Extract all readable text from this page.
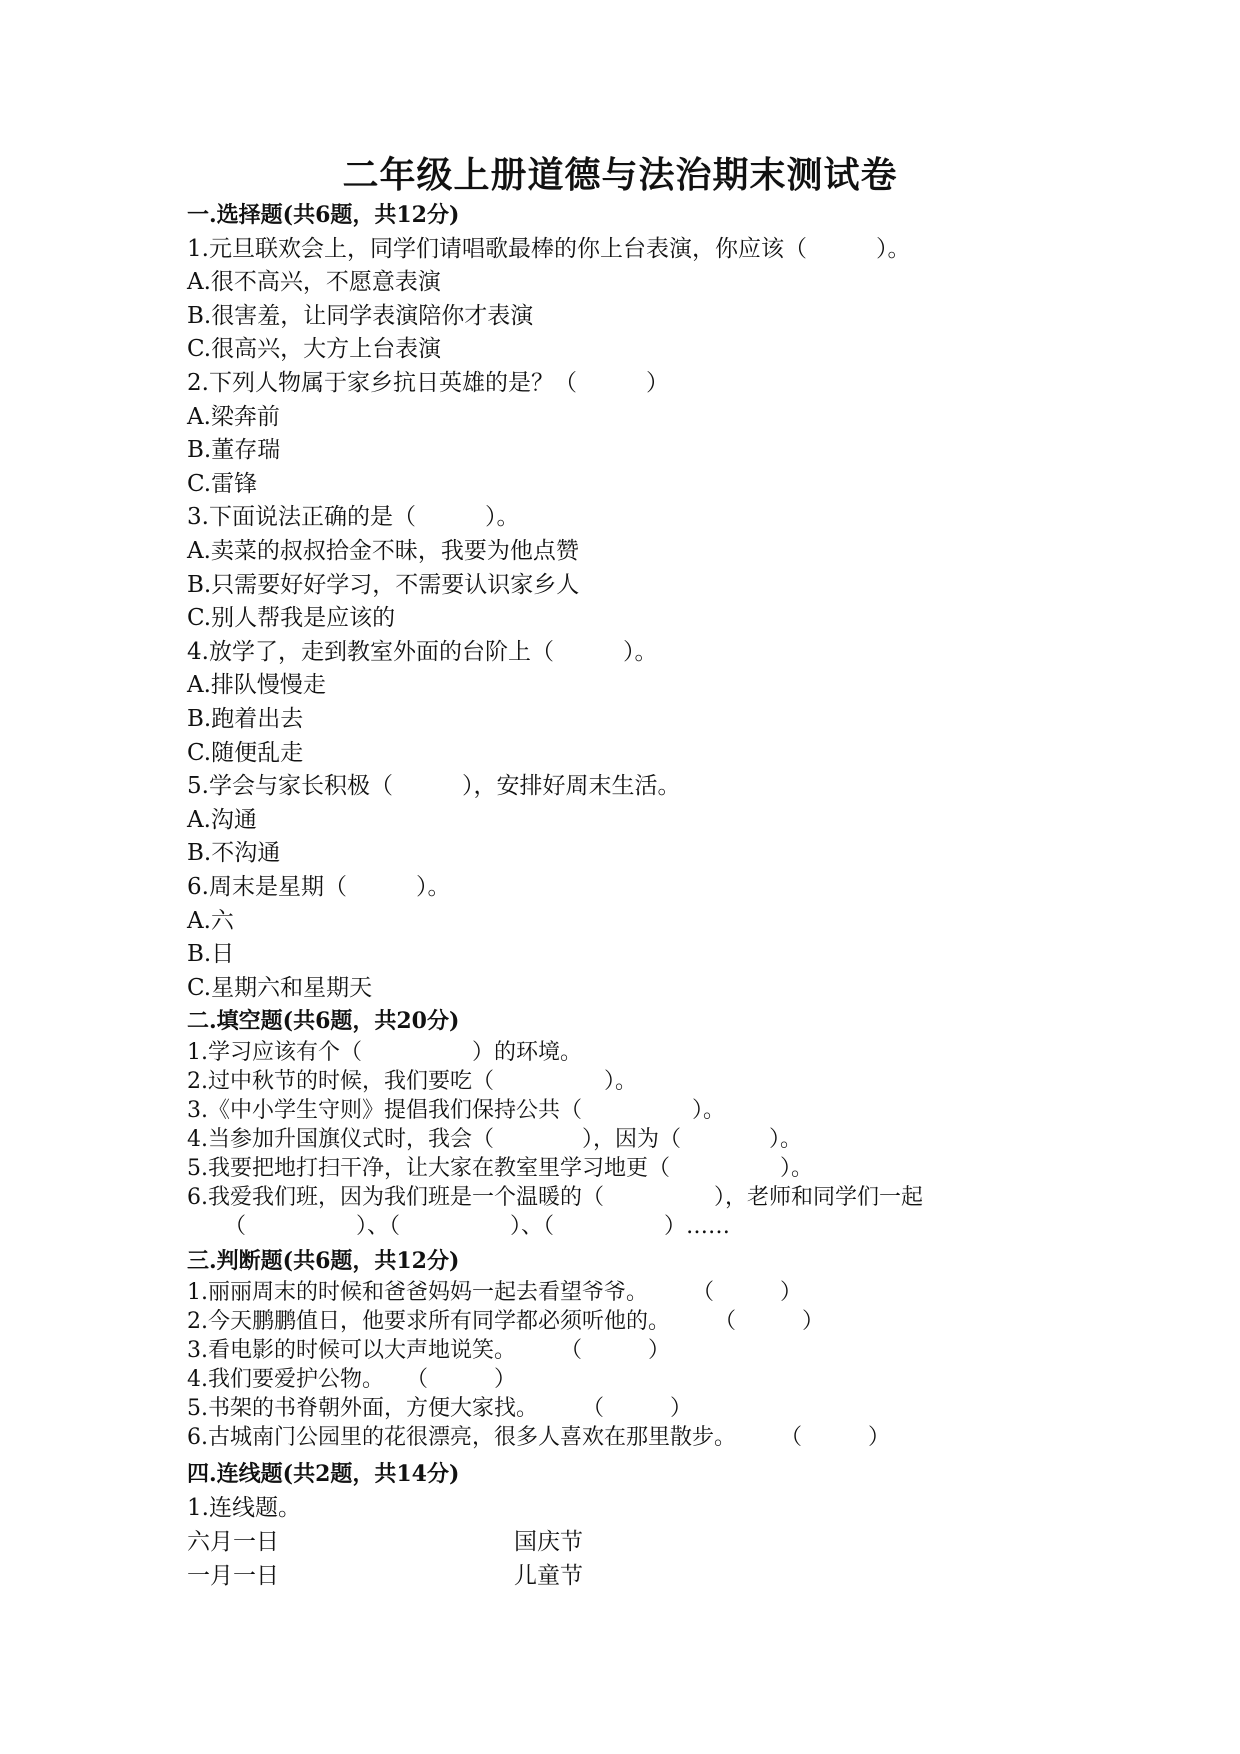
二年级上册道德与法治期末测试卷
一.选择题(共6题，共12分)
1.元旦联欢会上，同学们请唱歌最棒的你上台表演，你应该（　　　）。
A.很不高兴，不愿意表演
B.很害羞，让同学表演陪你才表演
C.很高兴，大方上台表演
2.下列人物属于家乡抗日英雄的是？（　　　）
A.梁奔前
B.董存瑞
C.雷锋
3.下面说法正确的是（　　　）。
A.卖菜的叔叔拾金不昧，我要为他点赞
B.只需要好好学习，不需要认识家乡人
C.别人帮我是应该的
4.放学了，走到教室外面的台阶上（　　　）。
A.排队慢慢走
B.跑着出去
C.随便乱走
5.学会与家长积极（　　　），安排好周末生活。
A.沟通
B.不沟通
6.周末是星期（　　　）。
A.六
B.日
C.星期六和星期天
二.填空题(共6题，共20分)
1.学习应该有个（　　　　　）的环境。
2.过中秋节的时候，我们要吃（　　　　　）。
3.《中小学生守则》提倡我们保持公共（　　　　　）。
4.当参加升国旗仪式时，我会（　　　　），因为（　　　　）。
5.我要把地打扫干净，让大家在教室里学习地更（　　　　　）。
6.我爱我们班，因为我们班是一个温暖的（　　　　　），老师和同学们一起
（　　　　　）、（　　　　　）、（　　　　　）……
三.判断题(共6题，共12分)
1.丽丽周末的时候和爸爸妈妈一起去看望爷爷。　　　（　　　）
2.今天鹏鹏值日，他要求所有同学都必须听他的。　　　（　　　）
3.看电影的时候可以大声地说笑。　　　（　　　）
4.我们要爱护公物。　　（　　　）
5.书架的书脊朝外面，方便大家找。　　　（　　　）
6.古城南门公园里的花很漂亮，很多人喜欢在那里散步。　　　（　　　）
四.连线题(共2题，共14分)
1.连线题。

六月一日

	国庆节

一月一日

	儿童节
